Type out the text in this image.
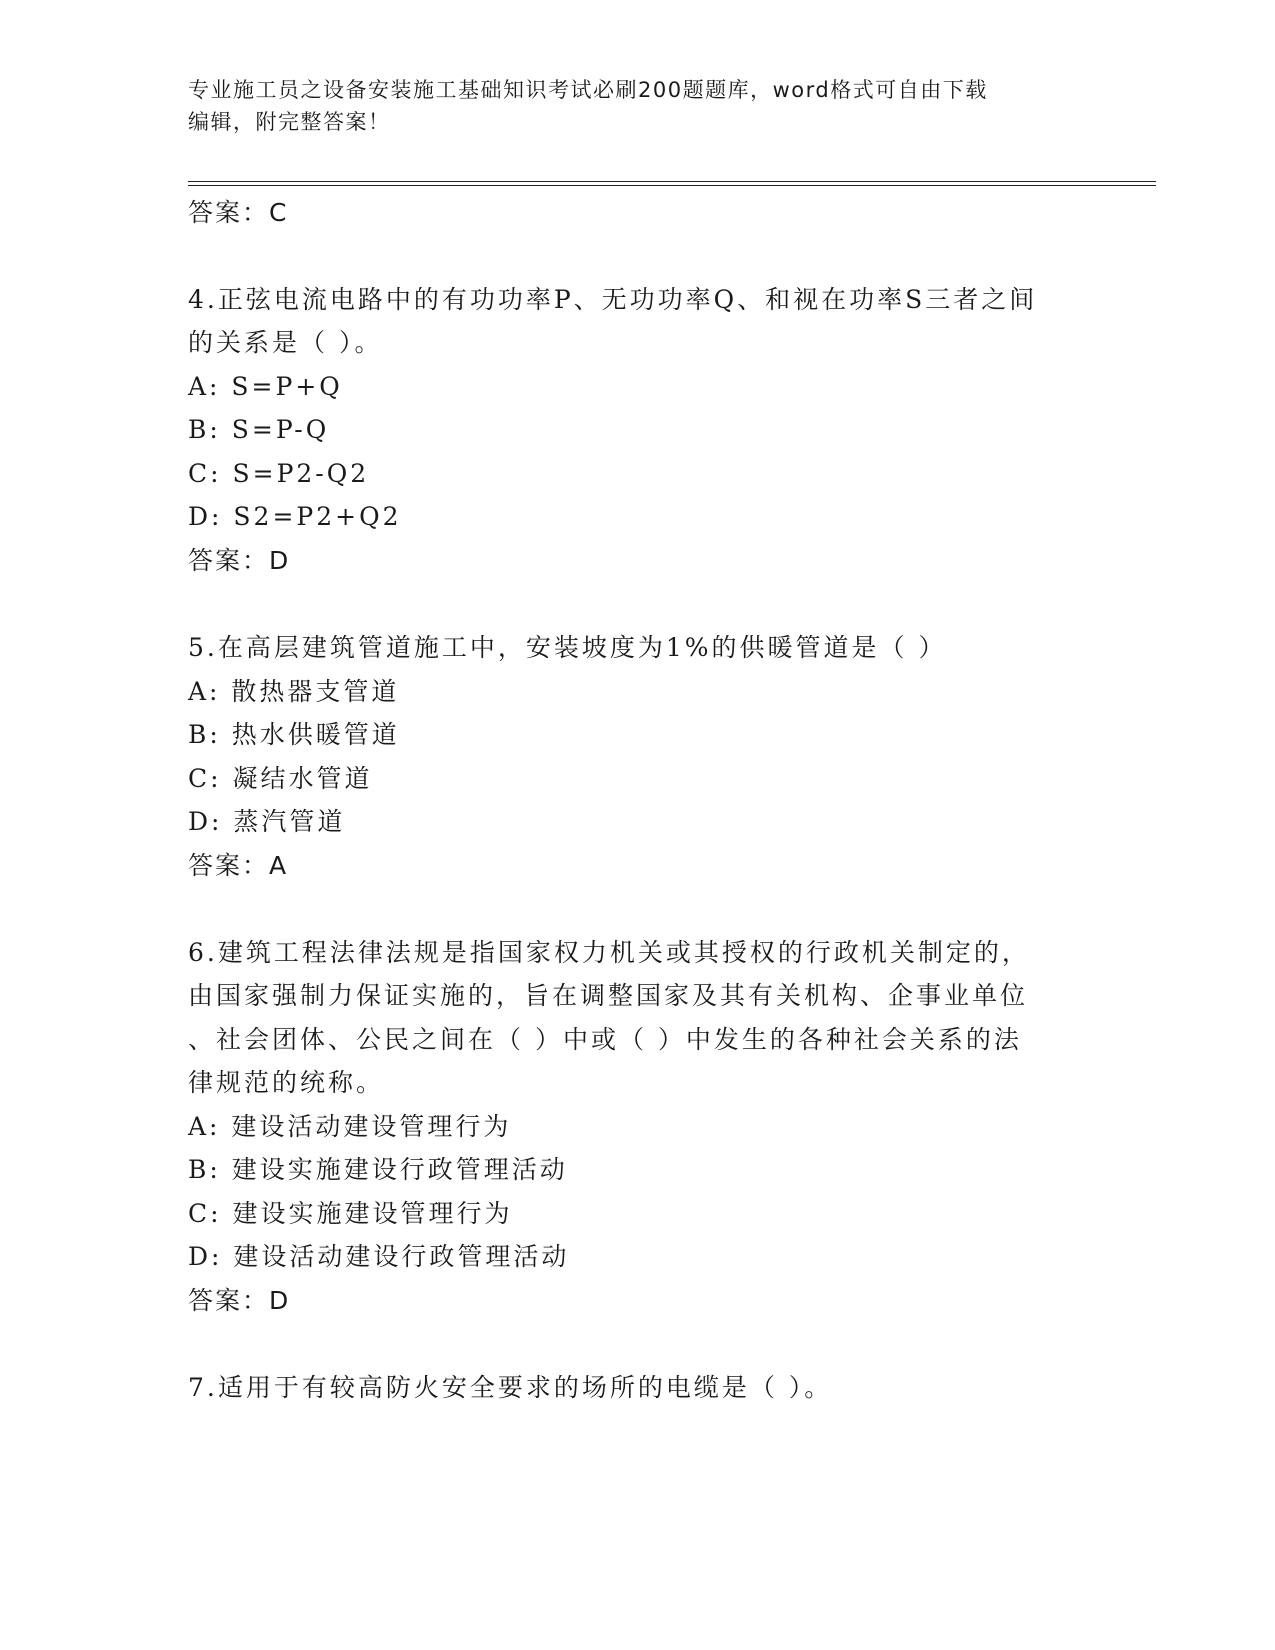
专业施工员之设备安装施工基础知识考试必刷200题题库，word格式可自由下载
编辑，附完整答案！
答案：C
4.正弦电流电路中的有功功率P、无功功率Q、和视在功率S三者之间
的关系是（ ）。
A: S=P+Q
B: S=P-Q
C: S=P2-Q2
D: S2=P2+Q2
答案：D
5.在高层建筑管道施工中，安装坡度为1%的供暖管道是（ ）
A: 散热器支管道
B: 热水供暖管道
C: 凝结水管道
D: 蒸汽管道
答案：A
6.建筑工程法律法规是指国家权力机关或其授权的行政机关制定的，
由国家强制力保证实施的，旨在调整国家及其有关机构、企事业单位
、社会团体、公民之间在（ ）中或（ ）中发生的各种社会关系的法
律规范的统称。
A: 建设活动建设管理行为
B: 建设实施建设行政管理活动
C: 建设实施建设管理行为
D: 建设活动建设行政管理活动
答案：D
7.适用于有较高防火安全要求的场所的电缆是（ ）。
